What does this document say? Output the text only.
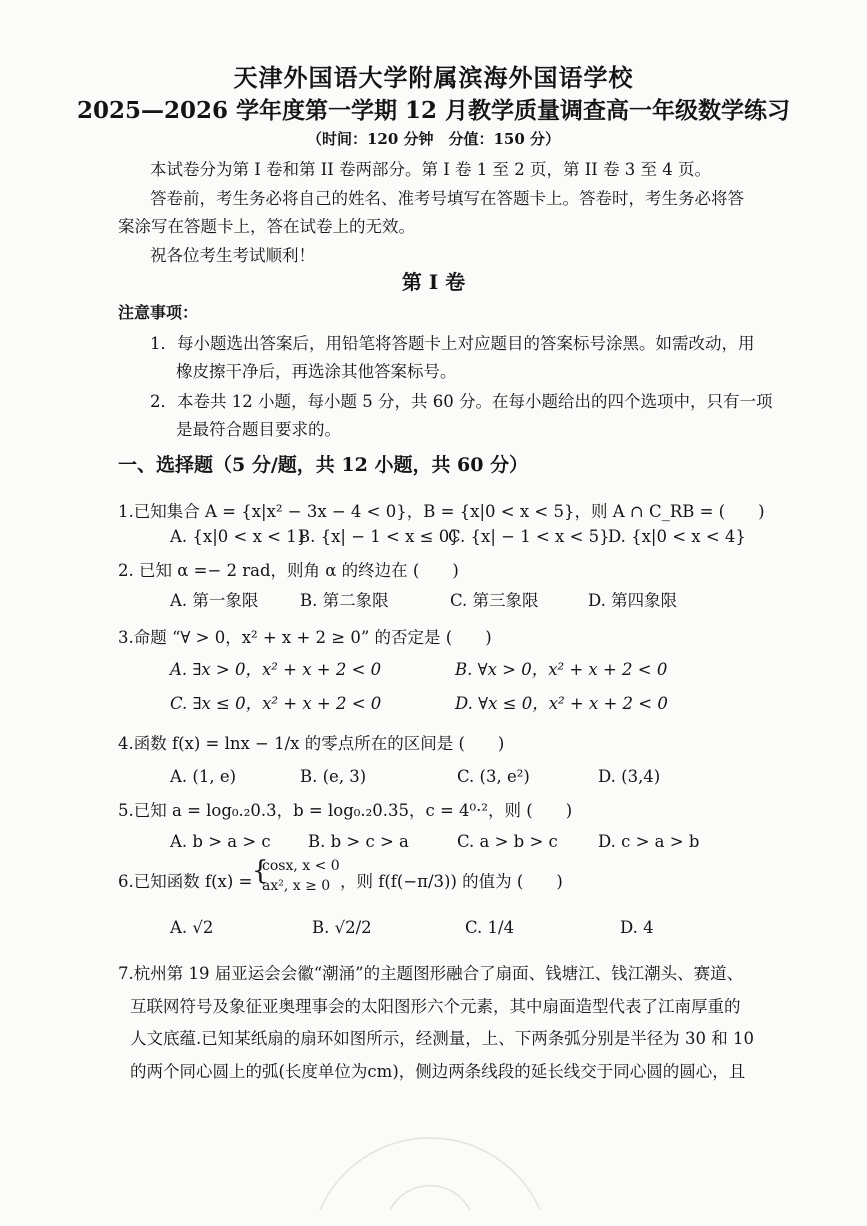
天津外国语大学附属滨海外国语学校
2025—2026 学年度第一学期 12 月教学质量调查高一年级数学练习
（时间：120 分钟　分值：150 分）
本试卷分为第 I 卷和第 II 卷两部分。第 I 卷 1 至 2 页，第 II 卷 3 至 4 页。
答卷前，考生务必将自己的姓名、准考号填写在答题卡上。答卷时，考生务必将答
案涂写在答题卡上，答在试卷上的无效。
祝各位考生考试顺利！
第 I 卷
注意事项：
1．每小题选出答案后，用铅笔将答题卡上对应题目的答案标号涂黑。如需改动，用
橡皮擦干净后，再选涂其他答案标号。
2．本卷共 12 小题，每小题 5 分，共 60 分。在每小题给出的四个选项中，只有一项
是最符合题目要求的。
一、选择题（5 分/题，共 12 小题，共 60 分）
1.已知集合 A = {x|x² − 3x − 4 < 0}，B = {x|0 < x < 5}，则 A ∩ C_RB = (　　)
A. {x|0 < x < 1}
B. {x| − 1 < x ≤ 0}
C. {x| − 1 < x < 5}
D. {x|0 < x < 4}
2. 已知 α =− 2 rad，则角 α 的终边在 (　　)
A. 第一象限	B. 第二象限	C. 第三象限	D. 第四象限
3.命题 “∀ > 0，x² + x + 2 ≥ 0” 的否定是 (　　)
A. ∃x > 0，x² + x + 2 < 0	B. ∀x > 0，x² + x + 2 < 0
C. ∃x ≤ 0，x² + x + 2 < 0	D. ∀x ≤ 0，x² + x + 2 < 0
4.函数 f(x) = lnx − 1/x 的零点所在的区间是 (　　)
A. (1, e)	B. (e, 3)	C. (3, e²)	D. (3,4)
5.已知 a = log₀.₂0.3，b = log₀.₂0.35，c = 4⁰·²，则 (　　)
A. b > a > c B. b > c > a	C. a > b > c D. c > a > b
6.已知函数 f(x) = {
cosx, x < 0
ax², x ≥ 0 ，则 f(f(−π/3)) 的值为 (　　)
A. √2	B. √2/2	C. 1/4	D. 4
7.杭州第 19 届亚运会会徽“潮涌”的主题图形融合了扇面、钱塘江、钱江潮头、赛道、
互联网符号及象征亚奥理事会的太阳图形六个元素，其中扇面造型代表了江南厚重的
人文底蕴.已知某纸扇的扇环如图所示，经测量，上、下两条弧分别是半径为 30 和 10
的两个同心圆上的弧(长度单位为cm)，侧边两条线段的延长线交于同心圆的圆心，且
